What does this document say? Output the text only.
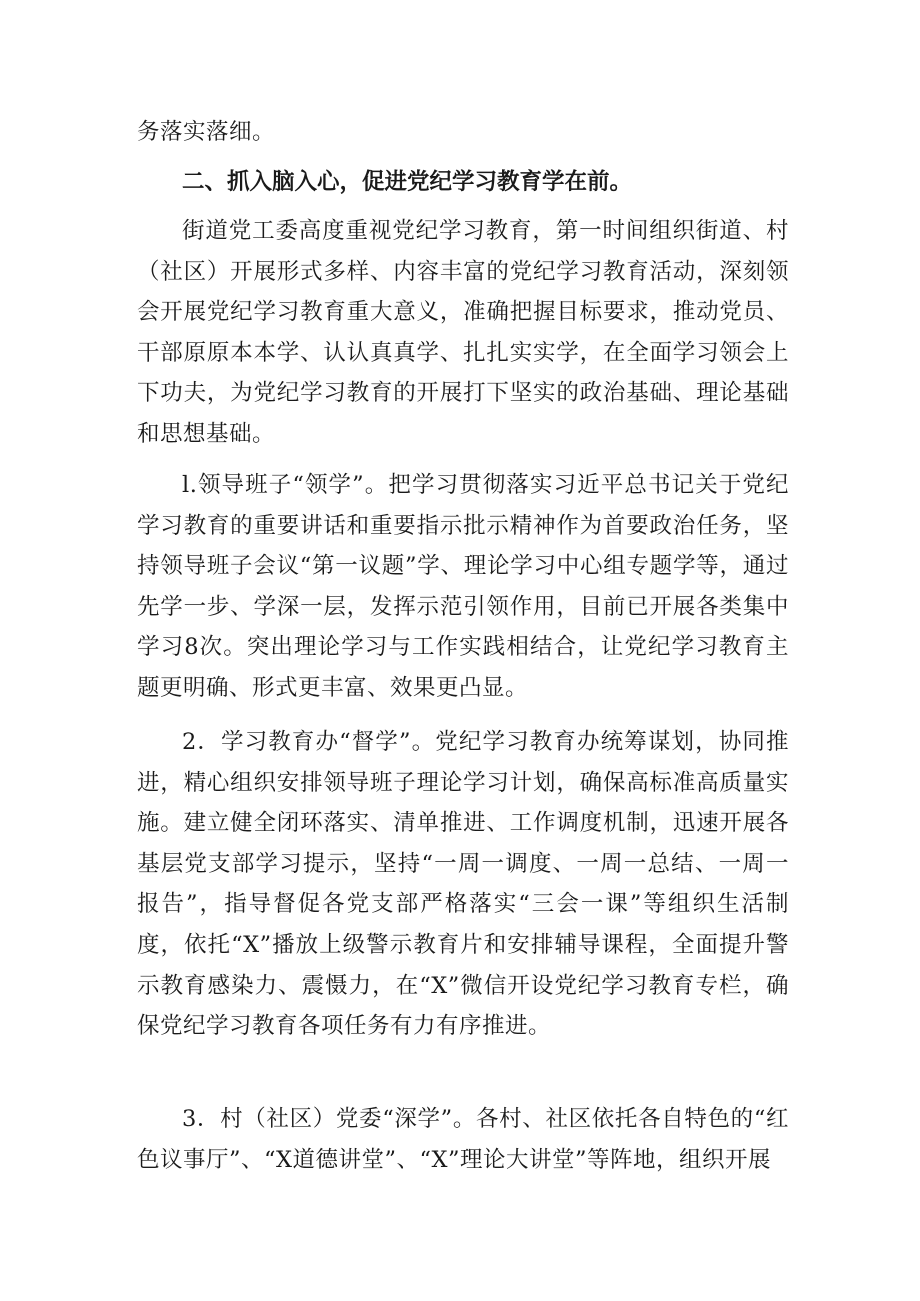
务落实落细。

二、抓入脑入心，促进党纪学习教育学在前。

街道党工委高度重视党纪学习教育，第一时间组织街道、村（社区）开展形式多样、内容丰富的党纪学习教育活动，深刻领会开展党纪学习教育重大意义，准确把握目标要求，推动党员、干部原原本本学、认认真真学、扎扎实实学，在全面学习领会上下功夫，为党纪学习教育的开展打下坚实的政治基础、理论基础和思想基础。

l.领导班子“领学”。把学习贯彻落实习近平总书记关于党纪学习教育的重要讲话和重要指示批示精神作为首要政治任务，坚持领导班子会议“第一议题”学、理论学习中心组专题学等，通过先学一步、学深一层，发挥示范引领作用，目前已开展各类集中学习8次。突出理论学习与工作实践相结合，让党纪学习教育主题更明确、形式更丰富、效果更凸显。

2．学习教育办“督学”。党纪学习教育办统筹谋划，协同推进，精心组织安排领导班子理论学习计划，确保高标准高质量实施。建立健全闭环落实、清单推进、工作调度机制，迅速开展各基层党支部学习提示，坚持“一周一调度、一周一总结、一周一报告”，指导督促各党支部严格落实“三会一课”等组织生活制度，依托“X”播放上级警示教育片和安排辅导课程，全面提升警示教育感染力、震慑力，在“X”微信开设党纪学习教育专栏，确保党纪学习教育各项任务有力有序推进。

3．村（社区）党委“深学”。各村、社区依托各自特色的“红色议事厅”、“X道德讲堂”、“X”理论大讲堂”等阵地，组织开展
